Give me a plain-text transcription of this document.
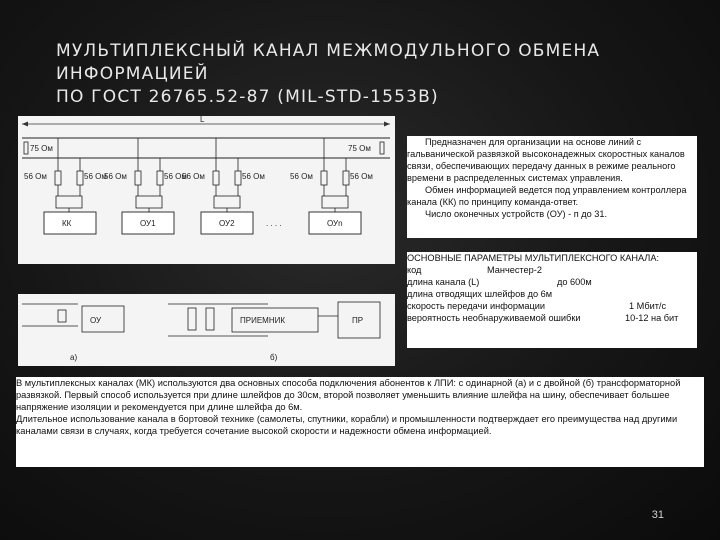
МУЛЬТИПЛЕКСНЫЙ КАНАЛ МЕЖМОДУЛЬНОГО ОБМЕНА
ИНФОРМАЦИЕЙ
ПО ГОСТ 26765.52-87 (MIL-STD-1553B)
L
75 Ом	75 Ом
56 Ом	56 Ом
56 Ом	56 Ом
56 Ом	56 Ом	56 Ом	56 Ом
КК	ОУ1	ОУ2	ОУn
. . . .
ОУ	ПРИЕМНИК	ПР
а)	б)

Предназначен для организации на основе линий с гальванической развязкой высоконадежных скоростных каналов связи, обеспечивающих передачу данных в режиме реального времени в распределенных системах управления.

Обмен информацией ведется под управлением контроллера канала (КК) по принципу команда-ответ.

Число оконечных устройств (ОУ) - п до 31.

ОСНОВНЫЕ ПАРАМЕТРЫ МУЛЬТИПЛЕКСНОГО КАНАЛА:

код	Манчестер-2
длина канала (L)	до 600м
длина отводящих шлейфов до 6м
скорость передачи информации	1 Мбит/с
вероятность необнаруживаемой ошибки	10-12 на бит

В мультиплексных каналах (МК) используются два основных способа подключения абонентов к ЛПИ: с одинарной (а) и с двойной (б) трансформаторной развязкой. Первый способ используется при длине шлейфов до 30см, второй позволяет уменьшить влияние шлейфа на шину, обеспечивает большее напряжение изоляции и рекомендуется при длине шлейфа до 6м.

Длительное использование канала в бортовой технике (самолеты, спутники, корабли) и промышленности подтверждает его преимущества над другими каналами связи в случаях, когда требуется сочетание высокой скорости и надежности обмена информацией.

31
